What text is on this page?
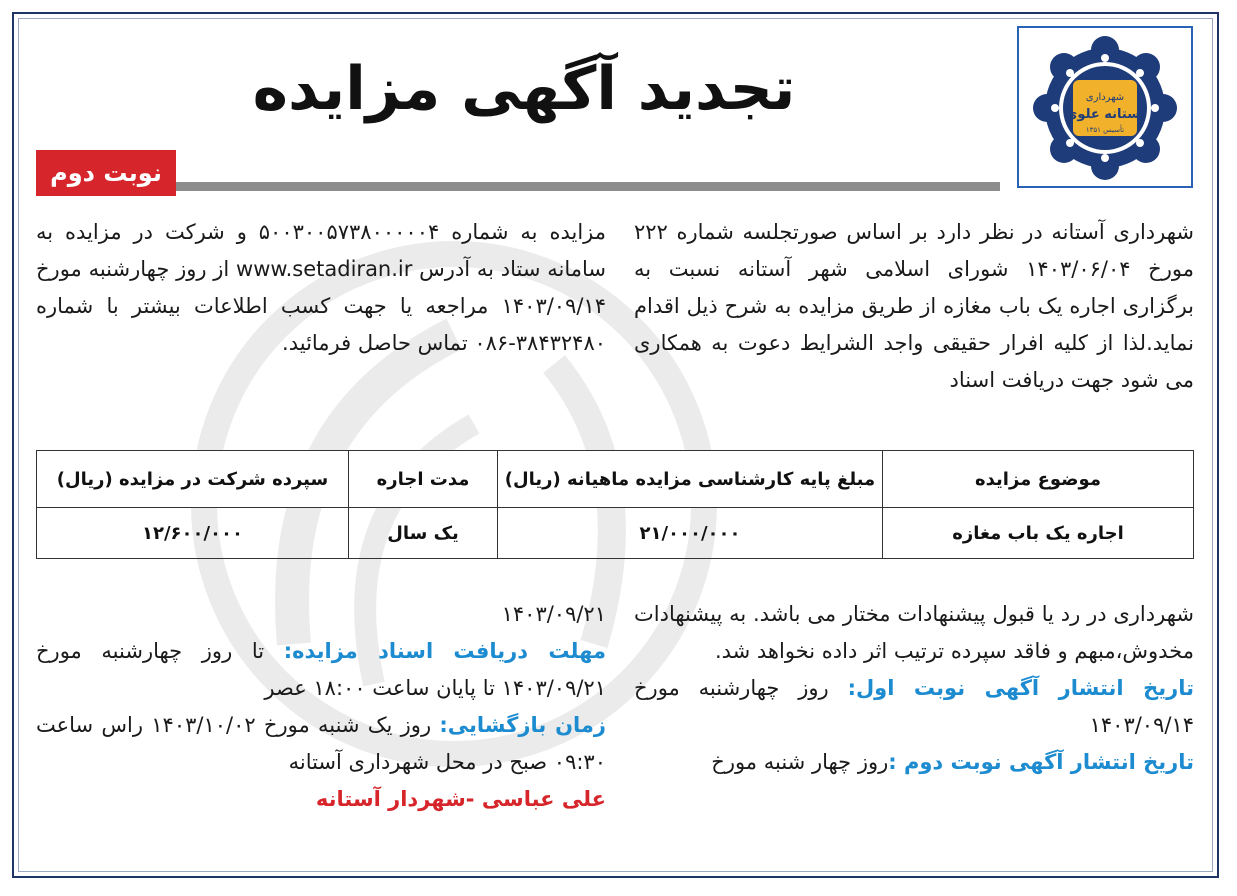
شهرداری
آستانه علوی
تأسیس ۱۳۵۱
تجدید آگهی مزایده
نوبت دوم

شهرداری آستانه در نظر دارد بر اساس صورتجلسه شماره ۲۲۲ مورخ ۱۴۰۳/۰۶/۰۴ شورای اسلامی شهر آستانه نسبت به برگزاری اجاره یک باب مغازه از طریق مزایده به شرح ذیل اقدام نماید.لذا از کلیه افرار حقیقی واجد الشرایط دعوت به همکاری می شود جهت دریافت اسناد

مزایده به شماره ۵۰۰۳۰۰۵۷۳۸۰۰۰۰۰۴ و شرکت در مزایده به سامانه ستاد به آدرس www.setadiran.ir از روز چهارشنبه مورخ ۱۴۰۳/۰۹/۱۴ مراجعه یا جهت کسب اطلاعات بیشتر با شماره ۳۸۴۳۲۴۸۰-۰۸۶ تماس حاصل فرمائید.

موضوع مزایده	مبلغ پایه کارشناسی مزایده ماهیانه (ریال)	مدت اجاره	سپرده شرکت در مزایده (ریال)
اجاره یک باب مغازه	۲۱/۰۰۰/۰۰۰	یک سال	۱۲/۶۰۰/۰۰۰

شهرداری در رد یا قبول پیشنهادات مختار می باشد. به پیشنهادات مخدوش،مبهم و فاقد سپرده ترتیب اثر داده نخواهد شد.

تاریخ انتشار آگهی نوبت اول: روز چهارشنبه مورخ ۱۴۰۳/۰۹/۱۴

تاریخ انتشار آگهی نوبت دوم :روز چهار شنبه مورخ

۱۴۰۳/۰۹/۲۱

مهلت دریافت اسناد مزایده: تا روز چهارشنبه مورخ ۱۴۰۳/۰۹/۲۱ تا پایان ساعت ۱۸:۰۰ عصر

زمان بازگشایی: روز یک شنبه مورخ ۱۴۰۳/۱۰/۰۲ راس ساعت ۰۹:۳۰ صبح در محل شهرداری آستانه

علی عباسی -شهردار آستانه
